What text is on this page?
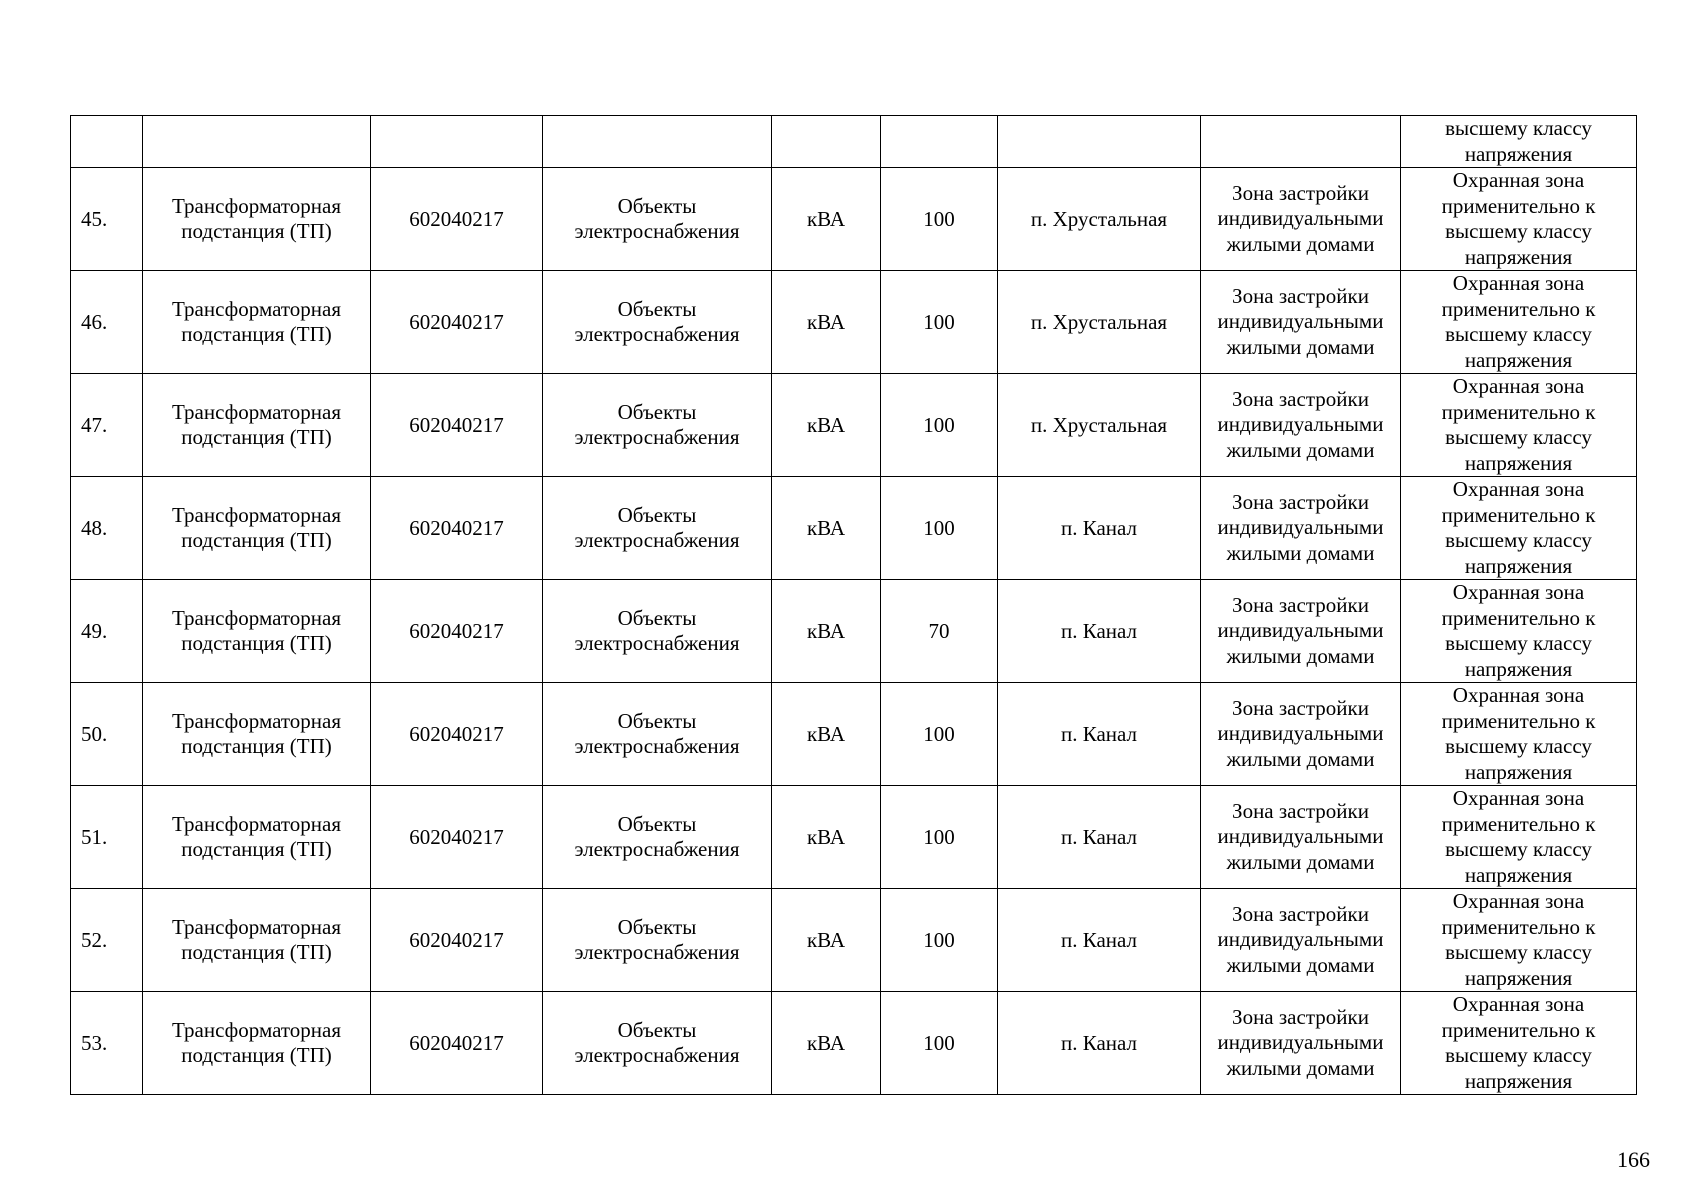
								высшему классу напряжения
45.	Трансформаторная подстанция (ТП)	602040217	Объекты электроснабжения	кВА	100	п. Хрустальная	Зона застройки индивидуальными жилыми домами	Охранная зона применительно к высшему классу напряжения
46.	Трансформаторная подстанция (ТП)	602040217	Объекты электроснабжения	кВА	100	п. Хрустальная	Зона застройки индивидуальными жилыми домами	Охранная зона применительно к высшему классу напряжения
47.	Трансформаторная подстанция (ТП)	602040217	Объекты электроснабжения	кВА	100	п. Хрустальная	Зона застройки индивидуальными жилыми домами	Охранная зона применительно к высшему классу напряжения
48.	Трансформаторная подстанция (ТП)	602040217	Объекты электроснабжения	кВА	100	п. Канал	Зона застройки индивидуальными жилыми домами	Охранная зона применительно к высшему классу напряжения
49.	Трансформаторная подстанция (ТП)	602040217	Объекты электроснабжения	кВА	70	п. Канал	Зона застройки индивидуальными жилыми домами	Охранная зона применительно к высшему классу напряжения
50.	Трансформаторная подстанция (ТП)	602040217	Объекты электроснабжения	кВА	100	п. Канал	Зона застройки индивидуальными жилыми домами	Охранная зона применительно к высшему классу напряжения
51.	Трансформаторная подстанция (ТП)	602040217	Объекты электроснабжения	кВА	100	п. Канал	Зона застройки индивидуальными жилыми домами	Охранная зона применительно к высшему классу напряжения
52.	Трансформаторная подстанция (ТП)	602040217	Объекты электроснабжения	кВА	100	п. Канал	Зона застройки индивидуальными жилыми домами	Охранная зона применительно к высшему классу напряжения
53.	Трансформаторная подстанция (ТП)	602040217	Объекты электроснабжения	кВА	100	п. Канал	Зона застройки индивидуальными жилыми домами	Охранная зона применительно к высшему классу напряжения
166
